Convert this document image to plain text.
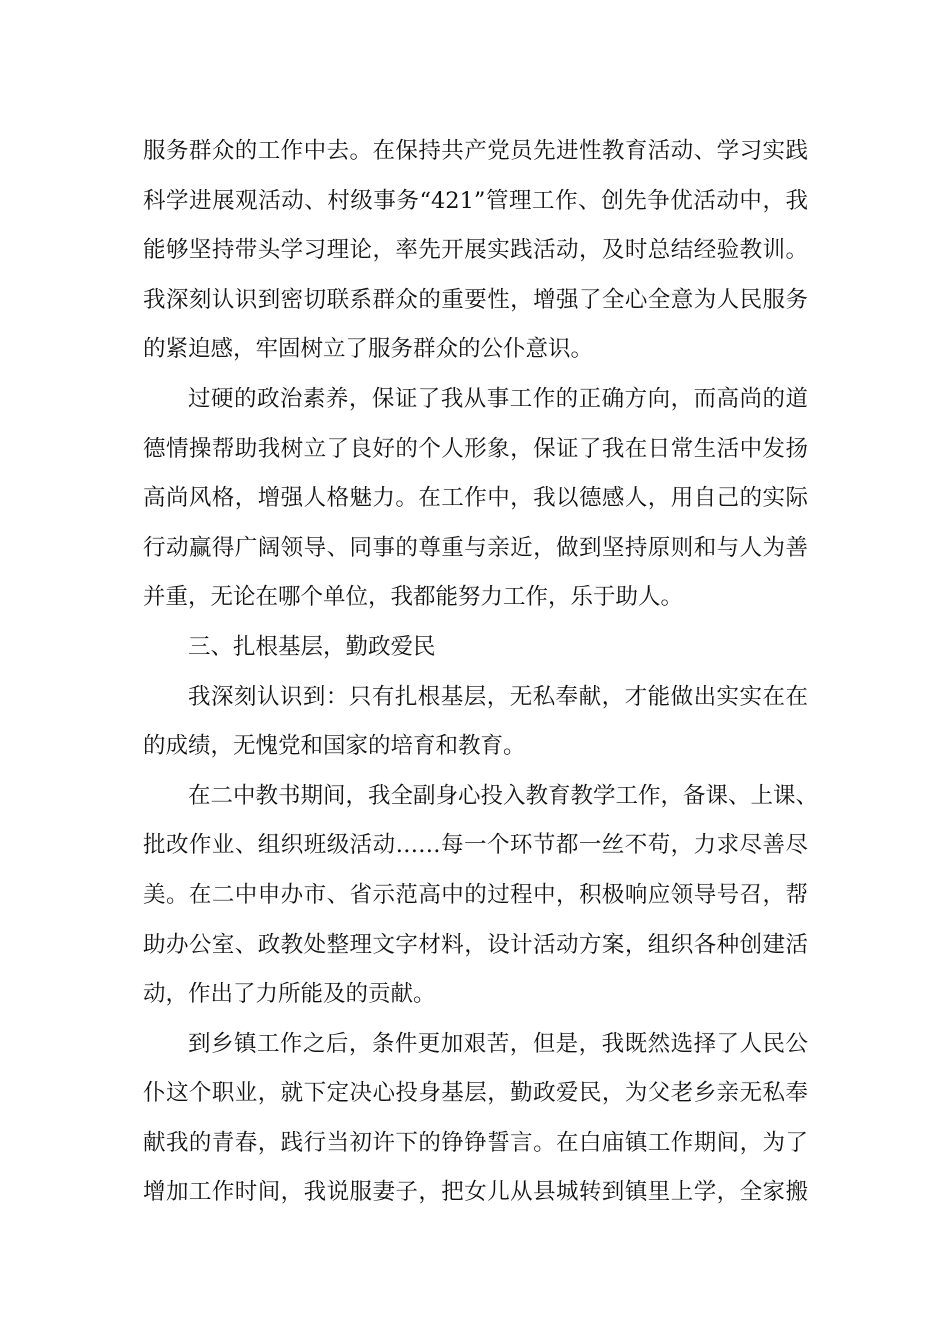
服务群众的工作中去。在保持共产党员先进性教育活动、学习实践
科学进展观活动、村级事务“421”管理工作、创先争优活动中，我
能够坚持带头学习理论，率先开展实践活动，及时总结经验教训。
我深刻认识到密切联系群众的重要性，增强了全心全意为人民服务
的紧迫感，牢固树立了服务群众的公仆意识。
过硬的政治素养，保证了我从事工作的正确方向，而高尚的道
德情操帮助我树立了良好的个人形象，保证了我在日常生活中发扬
高尚风格，增强人格魅力。在工作中，我以德感人，用自己的实际
行动赢得广阔领导、同事的尊重与亲近，做到坚持原则和与人为善
并重，无论在哪个单位，我都能努力工作，乐于助人。
三、扎根基层，勤政爱民
我深刻认识到：只有扎根基层，无私奉献，才能做出实实在在
的成绩，无愧党和国家的培育和教育。
在二中教书期间，我全副身心投入教育教学工作，备课、上课、
批改作业、组织班级活动……每一个环节都一丝不苟，力求尽善尽
美。在二中申办市、省示范高中的过程中，积极响应领导号召，帮
助办公室、政教处整理文字材料，设计活动方案，组织各种创建活
动，作出了力所能及的贡献。
到乡镇工作之后，条件更加艰苦，但是，我既然选择了人民公
仆这个职业，就下定决心投身基层，勤政爱民，为父老乡亲无私奉
献我的青春，践行当初许下的铮铮誓言。在白庙镇工作期间，为了
增加工作时间，我说服妻子，把女儿从县城转到镇里上学，全家搬
